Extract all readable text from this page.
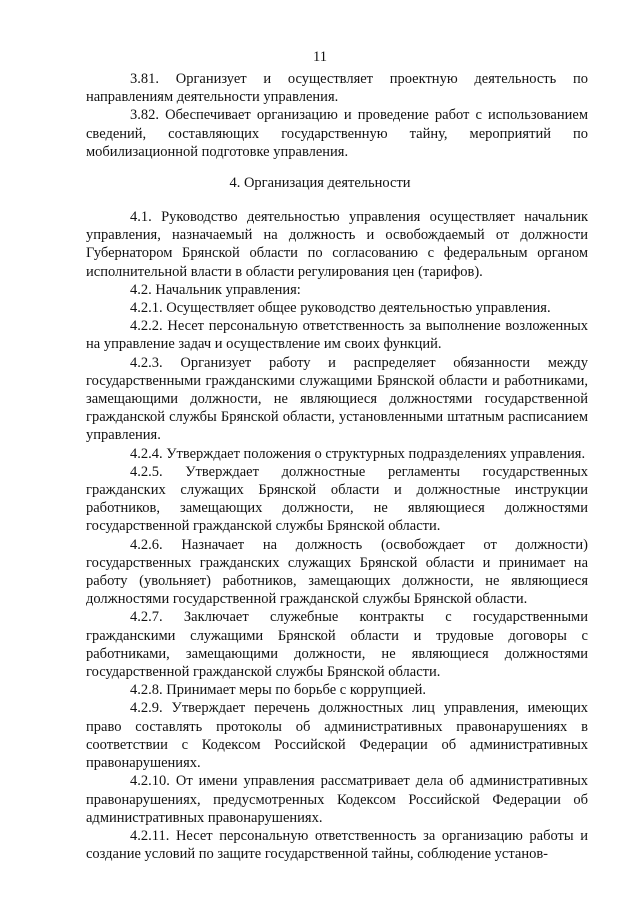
11

3.81. Организует и осуществляет проектную деятельность по направлениям деятельности управления.

3.82. Обеспечивает организацию и проведение работ с использованием сведений, составляющих государственную тайну, мероприятий по мобилизационной подготовке управления.

4. Организация деятельности

4.1. Руководство деятельностью управления осуществляет начальник управления, назначаемый на должность и освобождаемый от должности Губернатором Брянской области по согласованию с федеральным органом исполнительной власти в области регулирования цен (тарифов).

4.2. Начальник управления:

4.2.1. Осуществляет общее руководство деятельностью управления.

4.2.2. Несет персональную ответственность за выполнение возложенных на управление задач и осуществление им своих функций.

4.2.3. Организует работу и распределяет обязанности между государственными гражданскими служащими Брянской области и работниками, замещающими должности, не являющиеся должностями государственной гражданской службы Брянской области, установленными штатным расписанием управления.

4.2.4. Утверждает положения о структурных подразделениях управления.

4.2.5. Утверждает должностные регламенты государственных гражданских служащих Брянской области и должностные инструкции работников, замещающих должности, не являющиеся должностями государственной гражданской службы Брянской области.

4.2.6. Назначает на должность (освобождает от должности) государственных гражданских служащих Брянской области и принимает на работу (увольняет) работников, замещающих должности, не являющиеся должностями государственной гражданской службы Брянской области.

4.2.7. Заключает служебные контракты с государственными гражданскими служащими Брянской области и трудовые договоры с работниками, замещающими должности, не являющиеся должностями государственной гражданской службы Брянской области.

4.2.8. Принимает меры по борьбе с коррупцией.

4.2.9. Утверждает перечень должностных лиц управления, имеющих право составлять протоколы об административных правонарушениях в соответствии с Кодексом Российской Федерации об административных правонарушениях.

4.2.10. От имени управления рассматривает дела об административных правонарушениях, предусмотренных Кодексом Российской Федерации об административных правонарушениях.

4.2.11. Несет персональную ответственность за организацию работы и создание условий по защите государственной тайны, соблюдение установ-
